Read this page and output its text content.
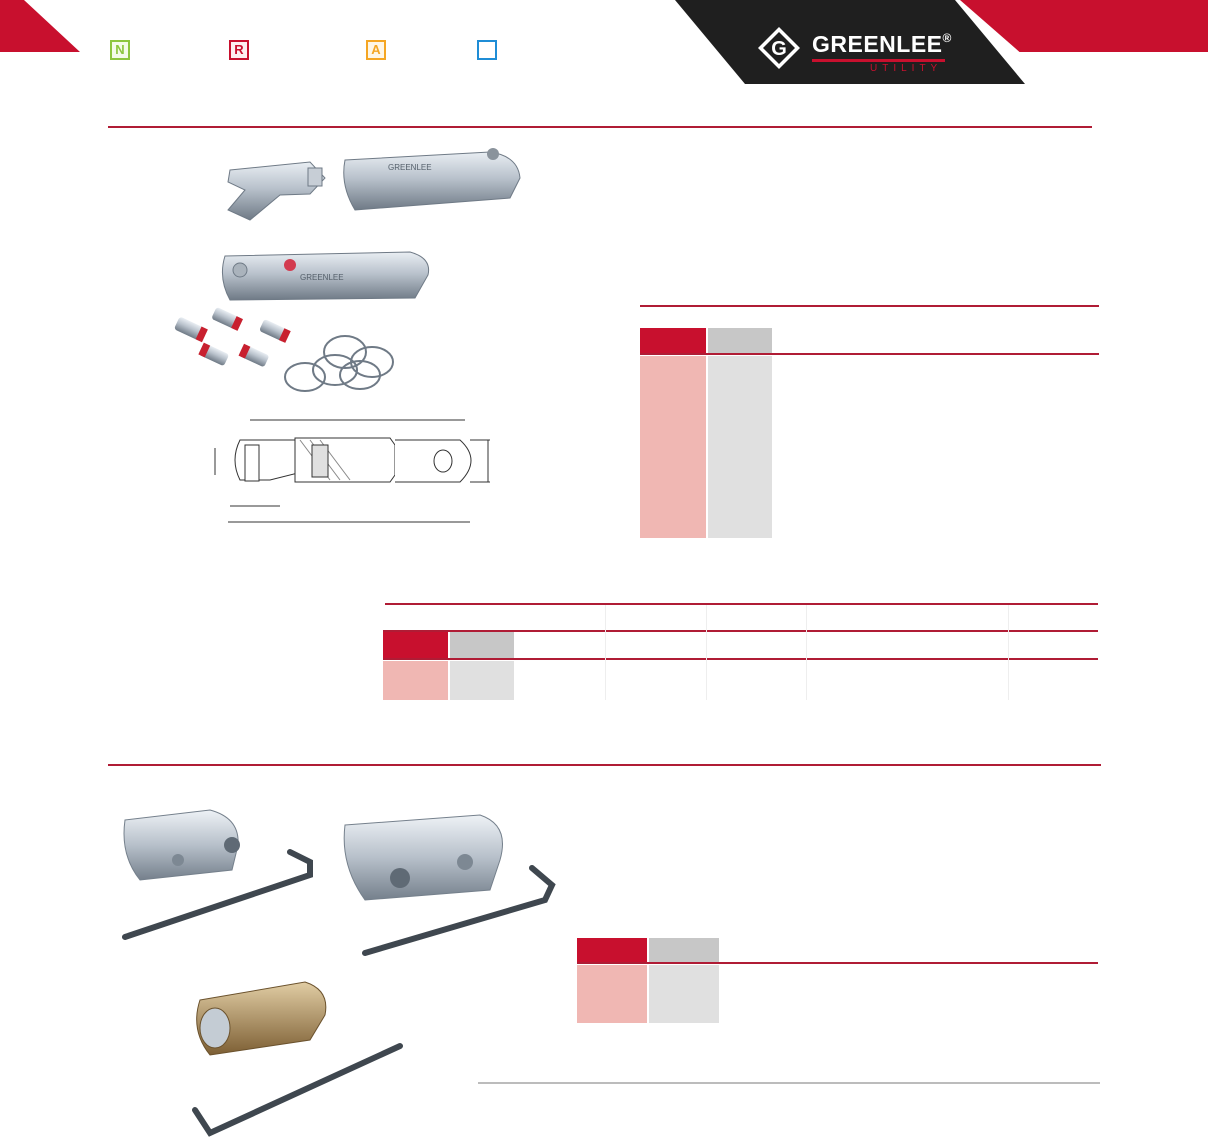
G GREENLEE®
UTILITY
N	R	A
GREENLEE
GREENLEE
